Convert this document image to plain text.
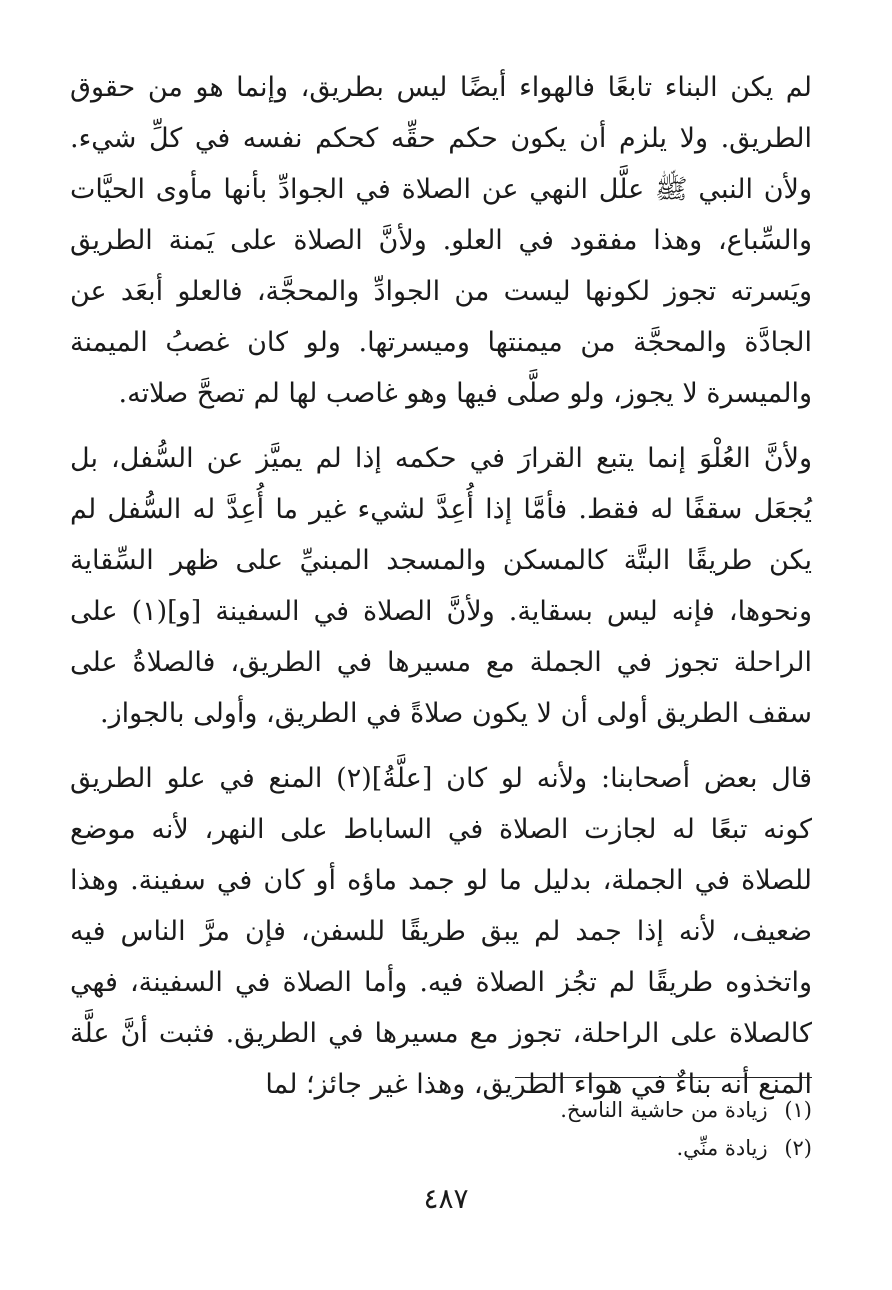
لم يكن البناء تابعًا فالهواء أيضًا ليس بطريق، وإنما هو من حقوق الطريق. ولا يلزم أن يكون حكم حقِّه كحكم نفسه في كلِّ شيء. ولأن النبي ﷺ علَّل النهي عن الصلاة في الجوادِّ بأنها مأوى الحيَّات والسِّباع، وهذا مفقود في العلو. ولأنَّ الصلاة على يَمنة الطريق ويَسرته تجوز لكونها ليست من الجوادِّ والمحجَّة، فالعلو أبعَد عن الجادَّة والمحجَّة من ميمنتها وميسرتها. ولو كان غصبُ الميمنة والميسرة لا يجوز، ولو صلَّى فيها وهو غاصب لها لم تصحَّ صلاته.

ولأنَّ العُلْوَ إنما يتبع القرارَ في حكمه إذا لم يميَّز عن السُّفل، بل يُجعَل سقفًا له فقط. فأمَّا إذا أُعِدَّ لشيء غير ما أُعِدَّ له السُّفل لم يكن طريقًا البتَّة كالمسكن والمسجد المبنيِّ على ظهر السِّقاية ونحوها، فإنه ليس بسقاية. ولأنَّ الصلاة في السفينة [و](١) على الراحلة تجوز في الجملة مع مسيرها في الطريق، فالصلاةُ على سقف الطريق أولى أن لا يكون صلاةً في الطريق، وأولى بالجواز.

قال بعض أصحابنا: ولأنه لو كان [علَّةُ](٢) المنع في علو الطريق كونه تبعًا له لجازت الصلاة في الساباط على النهر، لأنه موضع للصلاة في الجملة، بدليل ما لو جمد ماؤه أو كان في سفينة. وهذا ضعيف، لأنه إذا جمد لم يبق طريقًا للسفن، فإن مرَّ الناس فيه واتخذوه طريقًا لم تجُز الصلاة فيه. وأما الصلاة في السفينة، فهي كالصلاة على الراحلة، تجوز مع مسيرها في الطريق. فثبت أنَّ علَّة المنع أنه بناءٌ في هواء الطريق، وهذا غير جائز؛ لما

(١) زيادة من حاشية الناسخ.

(٢) زيادة منِّي.

٤٨٧
